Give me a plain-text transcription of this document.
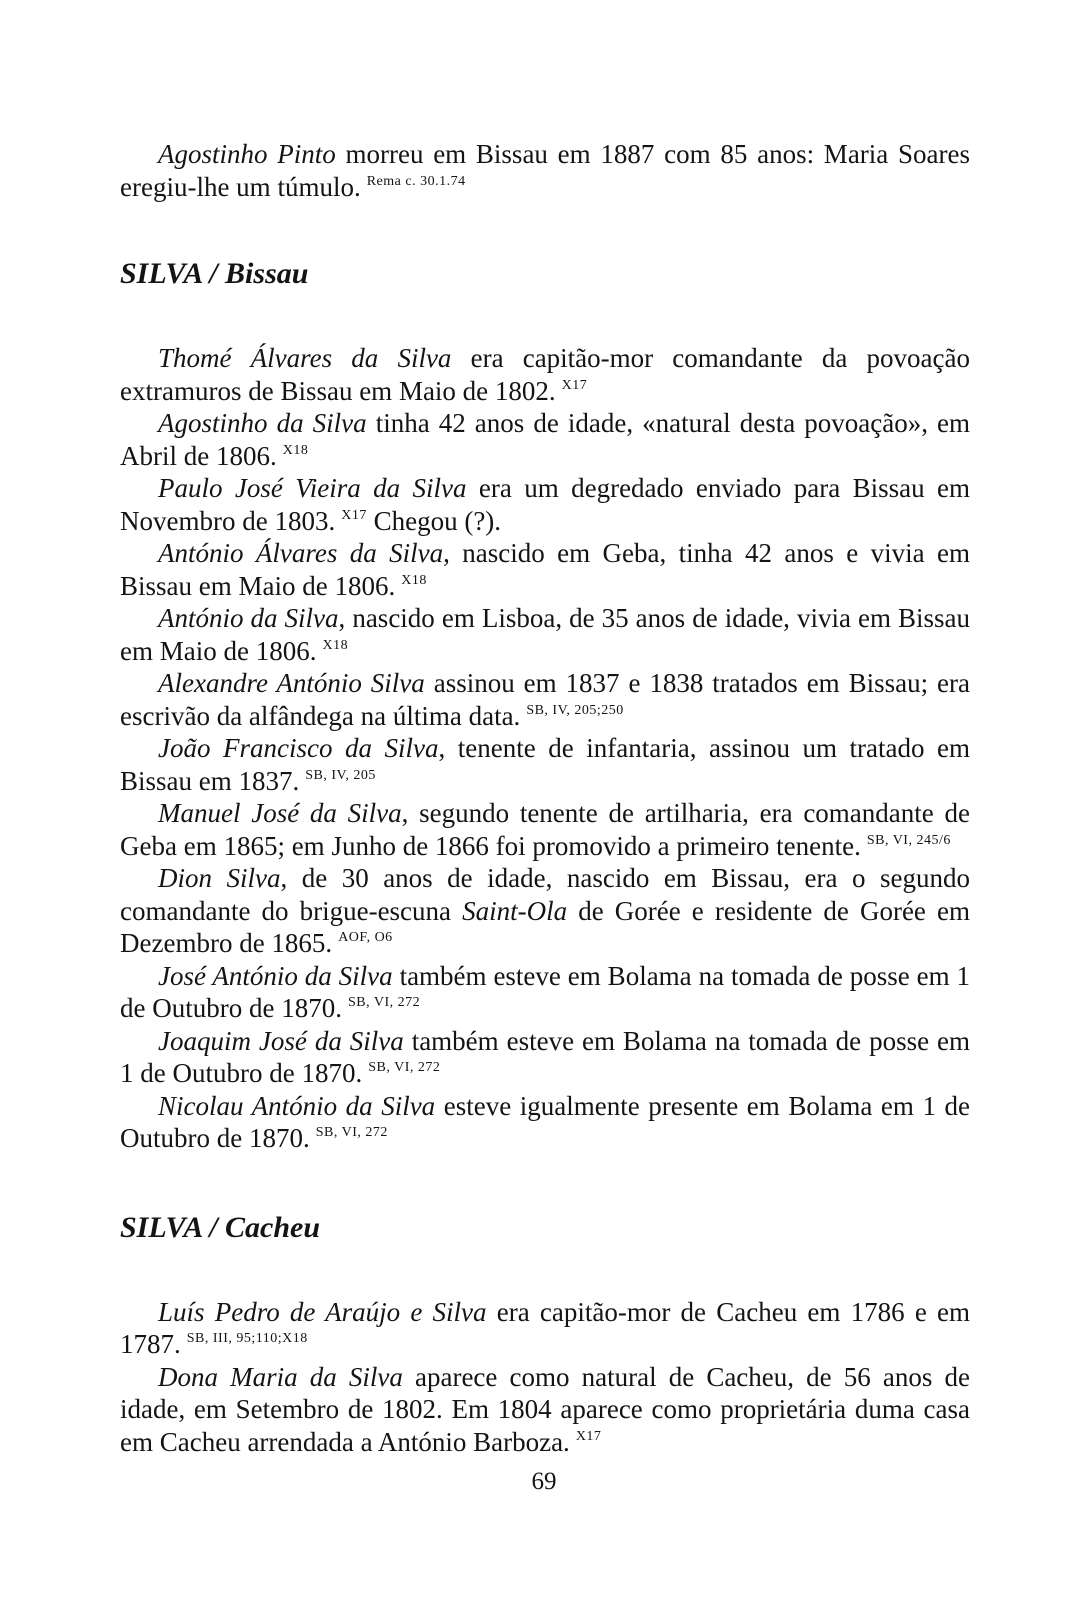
Agostinho Pinto morreu em Bissau em 1887 com 85 anos: Maria Soares eregiu-lhe um túmulo. $^{Rema c. 30.1.74}$

SILVA / Bissau

Thomé Álvares da Silva era capitão-mor comandante da povoação extramuros de Bissau em Maio de 1802. $^{X17}$

Agostinho da Silva tinha 42 anos de idade, «natural desta povoação», em Abril de 1806. $^{X18}$

Paulo José Vieira da Silva era um degredado enviado para Bissau em Novembro de 1803. $^{X17}$ Chegou (?).

António Álvares da Silva, nascido em Geba, tinha 42 anos e vivia em Bissau em Maio de 1806. $^{X18}$

António da Silva, nascido em Lisboa, de 35 anos de idade, vivia em Bissau em Maio de 1806. $^{X18}$

Alexandre António Silva assinou em 1837 e 1838 tratados em Bissau; era escrivão da alfândega na última data. $^{SB, IV, 205;250}$

João Francisco da Silva, tenente de infantaria, assinou um tratado em Bissau em 1837. $^{SB, IV, 205}$

Manuel José da Silva, segundo tenente de artilharia, era comandante de Geba em 1865; em Junho de 1866 foi promovido a primeiro tenente. $^{SB, VI, 245/6}$

Dion Silva, de 30 anos de idade, nascido em Bissau, era o segundo comandante do brigue-escuna Saint-Ola de Gorée e residente de Gorée em Dezembro de 1865. $^{AOF, O6}$

José António da Silva também esteve em Bolama na tomada de posse em 1 de Outubro de 1870. $^{SB, VI, 272}$

Joaquim José da Silva também esteve em Bolama na tomada de posse em 1 de Outubro de 1870. $^{SB, VI, 272}$

Nicolau António da Silva esteve igualmente presente em Bolama em 1 de Outubro de 1870. $^{SB, VI, 272}$

SILVA / Cacheu

Luís Pedro de Araújo e Silva era capitão-mor de Cacheu em 1786 e em 1787. $^{SB, III, 95;110;X18}$

Dona Maria da Silva aparece como natural de Cacheu, de 56 anos de idade, em Setembro de 1802. Em 1804 aparece como proprietária duma casa em Cacheu arrendada a António Barboza. $^{X17}$

69
